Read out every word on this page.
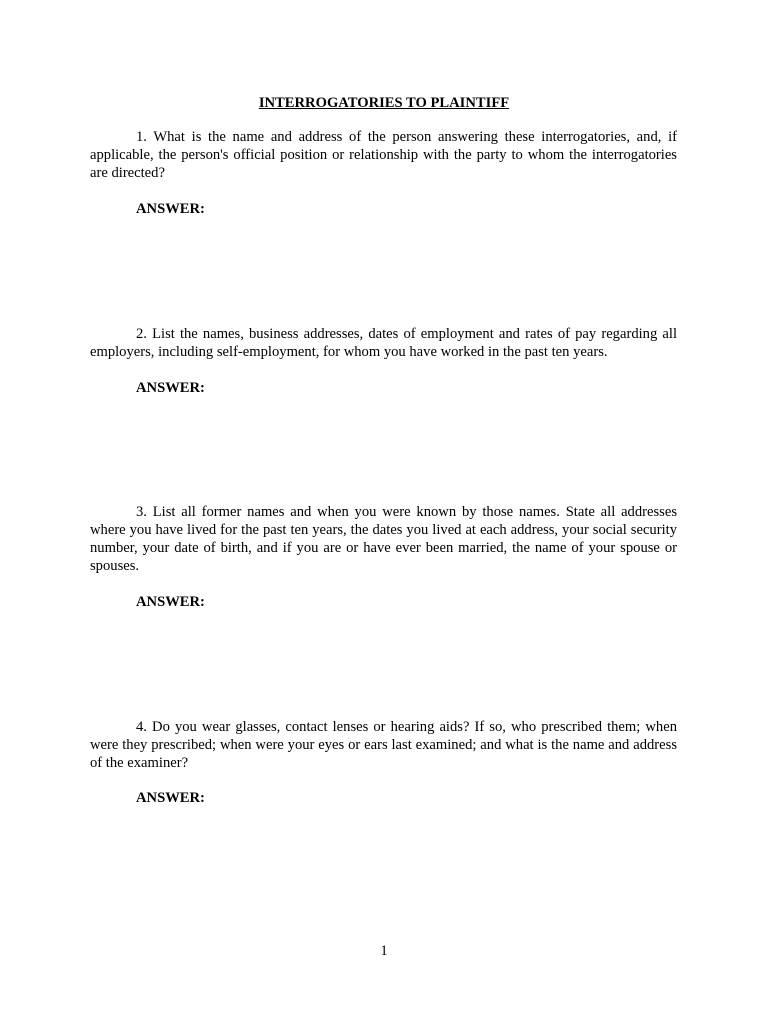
INTERROGATORIES TO PLAINTIFF

1. What is the name and address of the person answering these interrogatories, and, if applicable, the person's official position or relationship with the party to whom the interrogatories are directed?

ANSWER:

2. List the names, business addresses, dates of employment and rates of pay regarding all employers, including self-employment, for whom you have worked in the past ten years.

ANSWER:

3. List all former names and when you were known by those names. State all addresses where you have lived for the past ten years, the dates you lived at each address, your social security number, your date of birth, and if you are or have ever been married, the name of your spouse or spouses.

ANSWER:

4. Do you wear glasses, contact lenses or hearing aids? If so, who prescribed them; when were they prescribed; when were your eyes or ears last examined; and what is the name and address of the examiner?

ANSWER:
1
